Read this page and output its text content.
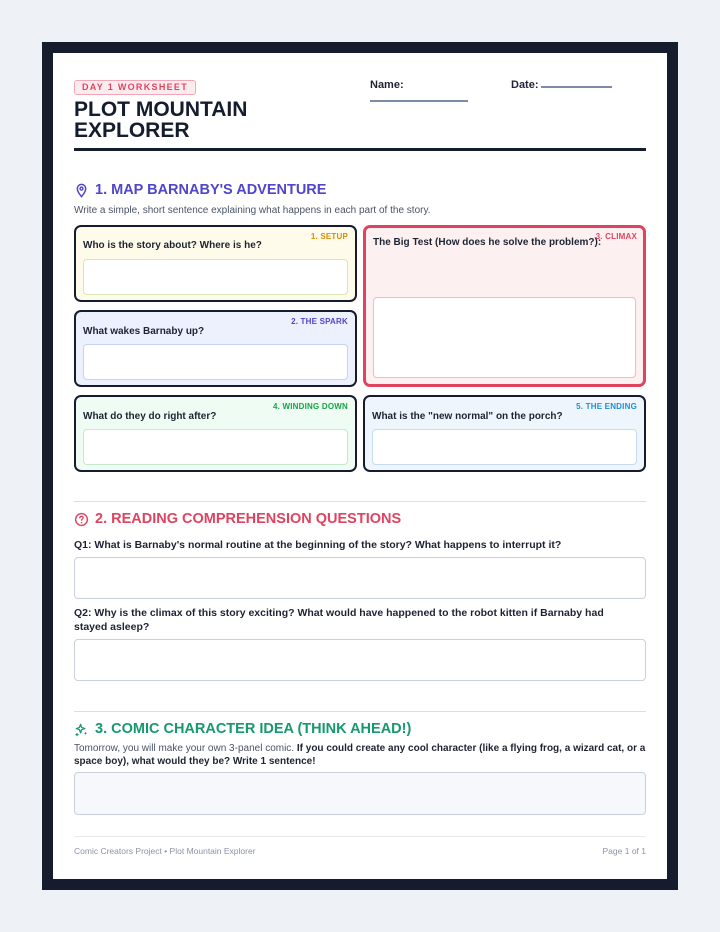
DAY 1 WORKSHEET
PLOT MOUNTAIN EXPLORER
Name:	Date:
1. MAP BARNABY'S ADVENTURE
Write a simple, short sentence explaining what happens in each part of the story.
1. SETUP
Who is the story about? Where is he?
2. THE SPARK
What wakes Barnaby up?
3. CLIMAX
The Big Test (How does he solve the problem?):
4. WINDING DOWN
What do they do right after?
5. THE ENDING
What is the "new normal" on the porch?
2. READING COMPREHENSION QUESTIONS
Q1: What is Barnaby's normal routine at the beginning of the story? What happens to interrupt it?
Q2: Why is the climax of this story exciting? What would have happened to the robot kitten if Barnaby had stayed asleep?
3. COMIC CHARACTER IDEA (THINK AHEAD!)
Tomorrow, you will make your own 3-panel comic. If you could create any cool character (like a flying frog, a wizard cat, or a space boy), what would they be? Write 1 sentence!
Comic Creators Project • Plot Mountain Explorer	Page 1 of 1
